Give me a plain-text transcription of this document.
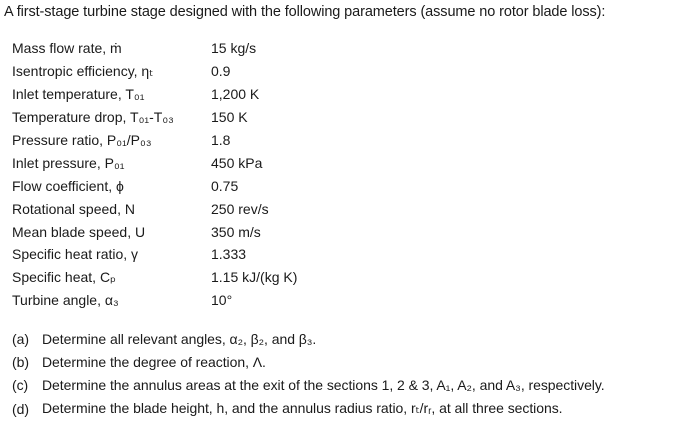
A first-stage turbine stage designed with the following parameters (assume no rotor blade loss):
Mass flow rate, ṁ	15 kg/s
Isentropic efficiency, ηₜ	0.9
Inlet temperature, T₀₁	1,200 K
Temperature drop, T₀₁-T₀₃	150 K
Pressure ratio, P₀₁/P₀₃	1.8
Inlet pressure, P₀₁	450 kPa
Flow coefficient, ϕ	0.75
Rotational speed, N	250 rev/s
Mean blade speed, U	350 m/s
Specific heat ratio, γ	1.333
Specific heat, Cₚ	1.15 kJ/(kg K)
Turbine angle, α₃	10°
(a) Determine all relevant angles, α₂, β₂, and β₃.
(b) Determine the degree of reaction, Λ.
(c) Determine the annulus areas at the exit of the sections 1, 2 & 3, A₁, A₂, and A₃, respectively.
(d) Determine the blade height, h, and the annulus radius ratio, rₜ/rᵣ, at all three sections.
